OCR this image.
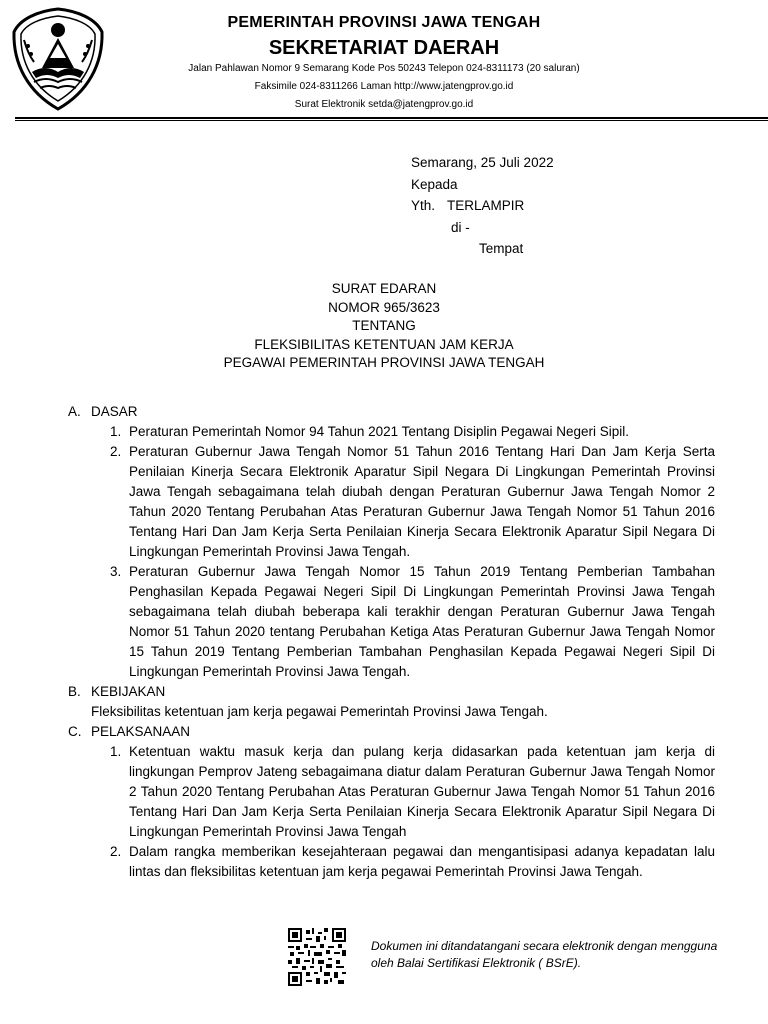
PEMERINTAH PROVINSI JAWA TENGAH
SEKRETARIAT DAERAH
Jalan Pahlawan Nomor 9 Semarang Kode Pos 50243 Telepon 024-8311173 (20 saluran)
Faksimile 024-8311266 Laman http://www.jatengprov.go.id
Surat Elektronik setda@jatengprov.go.id
Semarang, 25 Juli 2022
Kepada
Yth. TERLAMPIR
di -
Tempat
SURAT EDARAN
NOMOR 965/3623
TENTANG
FLEKSIBILITAS KETENTUAN JAM KERJA
PEGAWAI PEMERINTAH PROVINSI JAWA TENGAH
A. DASAR
1. Peraturan Pemerintah Nomor 94 Tahun 2021 Tentang Disiplin Pegawai Negeri Sipil.
2. Peraturan Gubernur Jawa Tengah Nomor 51 Tahun 2016 Tentang Hari Dan Jam Kerja Serta Penilaian Kinerja Secara Elektronik Aparatur Sipil Negara Di Lingkungan Pemerintah Provinsi Jawa Tengah sebagaimana telah diubah dengan Peraturan Gubernur Jawa Tengah Nomor 2 Tahun 2020 Tentang Perubahan Atas Peraturan Gubernur Jawa Tengah Nomor 51 Tahun 2016 Tentang Hari Dan Jam Kerja Serta Penilaian Kinerja Secara Elektronik Aparatur Sipil Negara Di Lingkungan Pemerintah Provinsi Jawa Tengah.
3. Peraturan Gubernur Jawa Tengah Nomor 15 Tahun 2019 Tentang Pemberian Tambahan Penghasilan Kepada Pegawai Negeri Sipil Di Lingkungan Pemerintah Provinsi Jawa Tengah sebagaimana telah diubah beberapa kali terakhir dengan Peraturan Gubernur Jawa Tengah Nomor 51 Tahun 2020 tentang Perubahan Ketiga Atas Peraturan Gubernur Jawa Tengah Nomor 15 Tahun 2019 Tentang Pemberian Tambahan Penghasilan Kepada Pegawai Negeri Sipil Di Lingkungan Pemerintah Provinsi Jawa Tengah.
B. KEBIJAKAN
Fleksibilitas ketentuan jam kerja pegawai Pemerintah Provinsi Jawa Tengah.
C. PELAKSANAAN
1. Ketentuan waktu masuk kerja dan pulang kerja didasarkan pada ketentuan jam kerja di lingkungan Pemprov Jateng sebagaimana diatur dalam Peraturan Gubernur Jawa Tengah Nomor 2 Tahun 2020 Tentang Perubahan Atas Peraturan Gubernur Jawa Tengah Nomor 51 Tahun 2016 Tentang Hari Dan Jam Kerja Serta Penilaian Kinerja Secara Elektronik Aparatur Sipil Negara Di Lingkungan Pemerintah Provinsi Jawa Tengah
2. Dalam rangka memberikan kesejahteraan pegawai dan mengantisipasi adanya kepadatan lalu lintas dan fleksibilitas ketentuan jam kerja pegawai Pemerintah Provinsi Jawa Tengah.
Dokumen ini ditandatangani secara elektronik dengan mengguna
oleh Balai Sertifikasi Elektronik ( BSrE).
